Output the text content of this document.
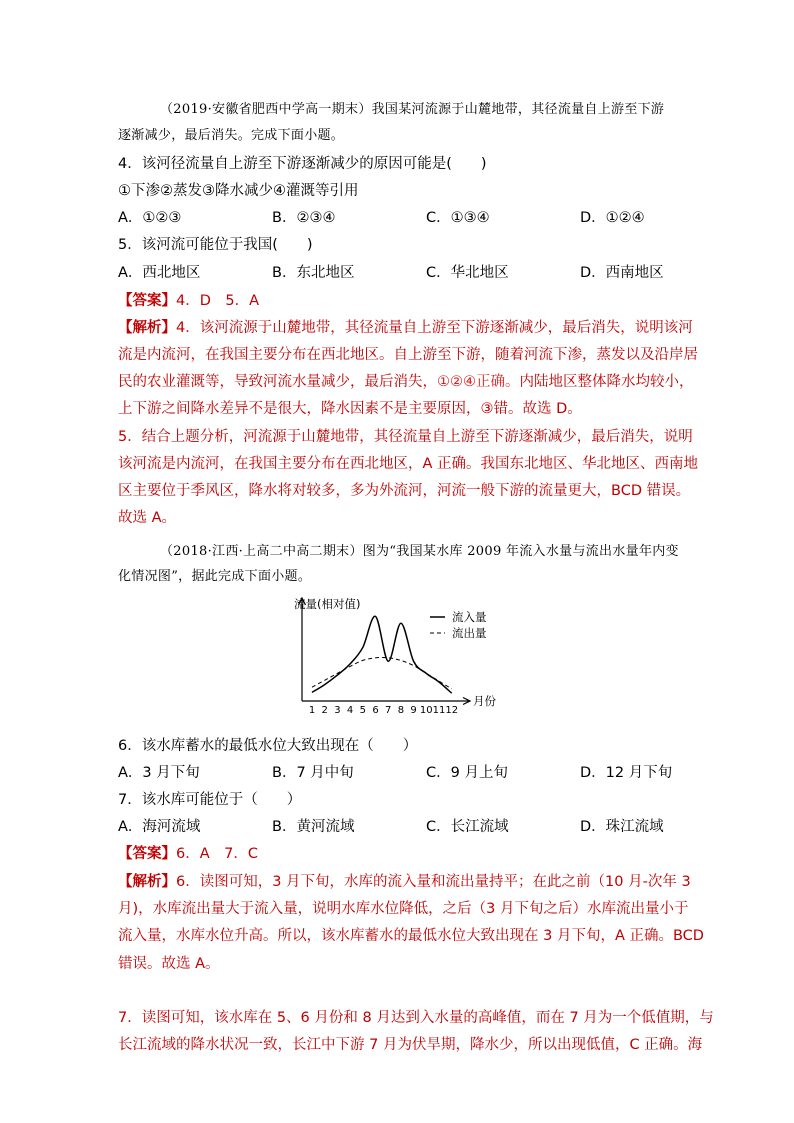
（2019·安徽省肥西中学高一期末）我国某河流源于山麓地带，其径流量自上游至下游
逐渐减少，最后消失。完成下面小题。
4．该河径流量自上游至下游逐渐减少的原因可能是(　　)
①下渗②蒸发③降水减少④灌溉等引用
A．①②③	B．②③④	C．①③④	D．①②④
5．该河流可能位于我国(　　)
A．西北地区	B．东北地区	C．华北地区	D．西南地区
【答案】4．D　5．A
【解析】4．该河流源于山麓地带，其径流量自上游至下游逐渐减少，最后消失，说明该河
流是内流河，在我国主要分布在西北地区。自上游至下游，随着河流下渗，蒸发以及沿岸居
民的农业灌溉等，导致河流水量减少，最后消失，①②④正确。内陆地区整体降水均较小，
上下游之间降水差异不是很大，降水因素不是主要原因，③错。故选 D。
5．结合上题分析，河流源于山麓地带，其径流量自上游至下游逐渐减少，最后消失，说明
该河流是内流河，在我国主要分布在西北地区，A 正确。我国东北地区、华北地区、西南地
区主要位于季风区，降水将对较多，多为外流河，河流一般下游的流量更大，BCD 错误。
故选 A。
（2018·江西·上高二中高二期末）图为“我国某水库 2009 年流入水量与流出水量年内变
化情况图”，据此完成下面小题。
1 2 3 4 5 6 7 8 9 10 11 12
流量(相对值)
月份
流入量
流出量
6．该水库蓄水的最低水位大致出现在（　　）
A．3 月下旬	B．7 月中旬	C．9 月上旬	D．12 月下旬
7．该水库可能位于（　　）
A．海河流域	B．黄河流域	C．长江流域	D．珠江流域
【答案】6．A　7．C
【解析】6．读图可知，3 月下旬，水库的流入量和流出量持平；在此之前（10 月-次年 3
月)，水库流出量大于流入量，说明水库水位降低，之后（3 月下旬之后）水库流出量小于
流入量，水库水位升高。所以，该水库蓄水的最低水位大致出现在 3 月下旬，A 正确。BCD
错误。故选 A。
7．读图可知，该水库在 5、6 月份和 8 月达到入水量的高峰值，而在 7 月为一个低值期，与
长江流域的降水状况一致，长江中下游 7 月为伏旱期，降水少，所以出现低值，C 正确。海
